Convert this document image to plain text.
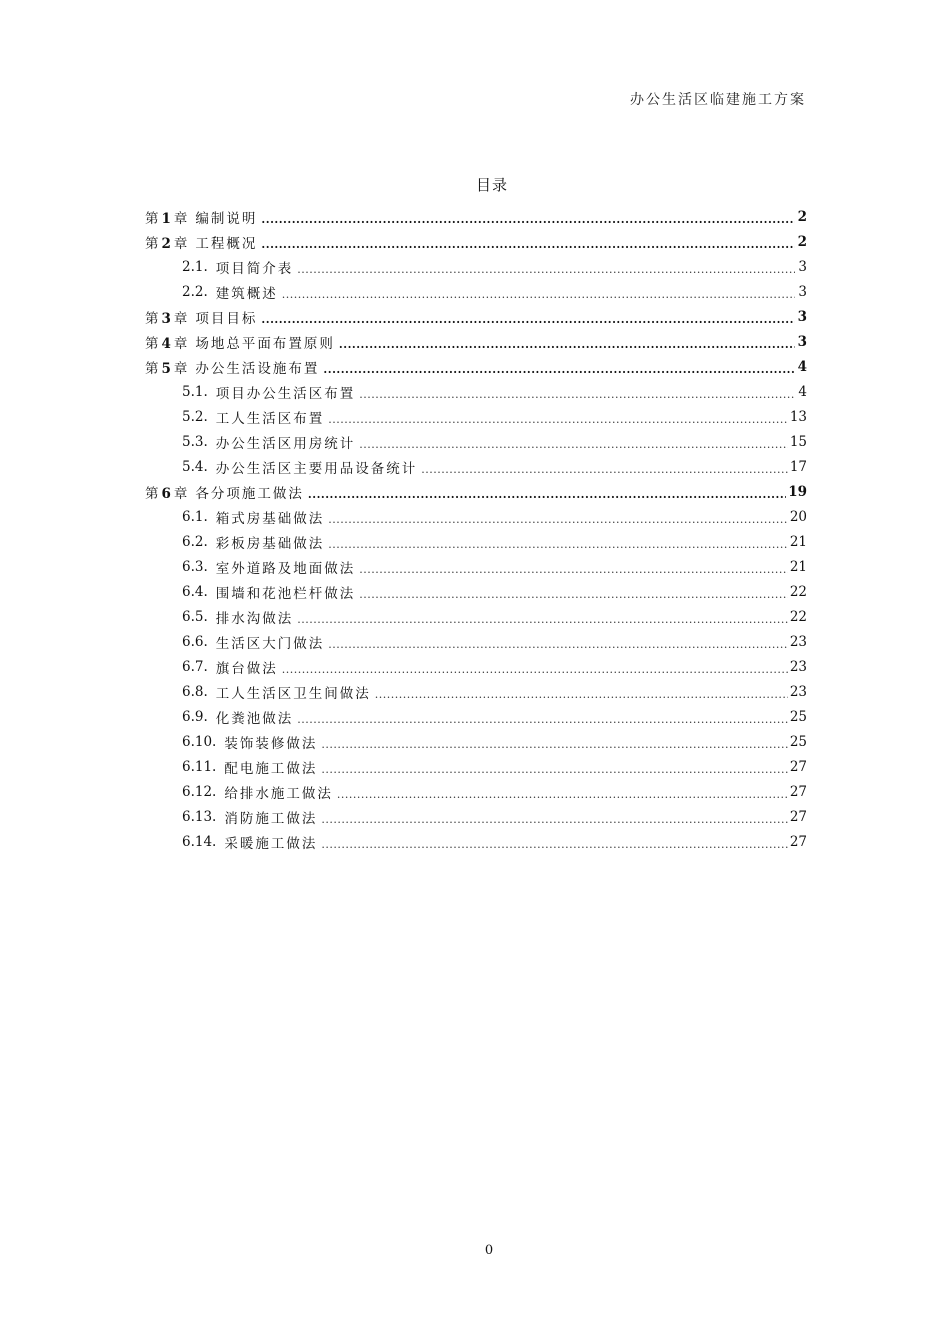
办公生活区临建施工方案
目录
第 1 章 编制说明 .....	2
第 2 章 工程概况 .....	2
2.1. 项目简介表 .....	3
2.2. 建筑概述 .....	3
第 3 章 项目目标 .....	3
第 4 章 场地总平面布置原则 .....	3
第 5 章 办公生活设施布置 .....	4
5.1. 项目办公生活区布置 .....	4
5.2. 工人生活区布置 .....	13
5.3. 办公生活区用房统计 .....	15
5.4. 办公生活区主要用品设备统计 .....	17
第 6 章 各分项施工做法 .....	19
6.1. 箱式房基础做法 .....	20
6.2. 彩板房基础做法 .....	21
6.3. 室外道路及地面做法 .....	21
6.4. 围墙和花池栏杆做法 .....	22
6.5. 排水沟做法 .....	22
6.6. 生活区大门做法 .....	23
6.7. 旗台做法 .....	23
6.8. 工人生活区卫生间做法 .....	23
6.9. 化粪池做法 .....	25
6.10. 装饰装修做法 .....	25
6.11. 配电施工做法 .....	27
6.12. 给排水施工做法 .....	27
6.13. 消防施工做法 .....	27
6.14. 采暖施工做法 .....	27
0
